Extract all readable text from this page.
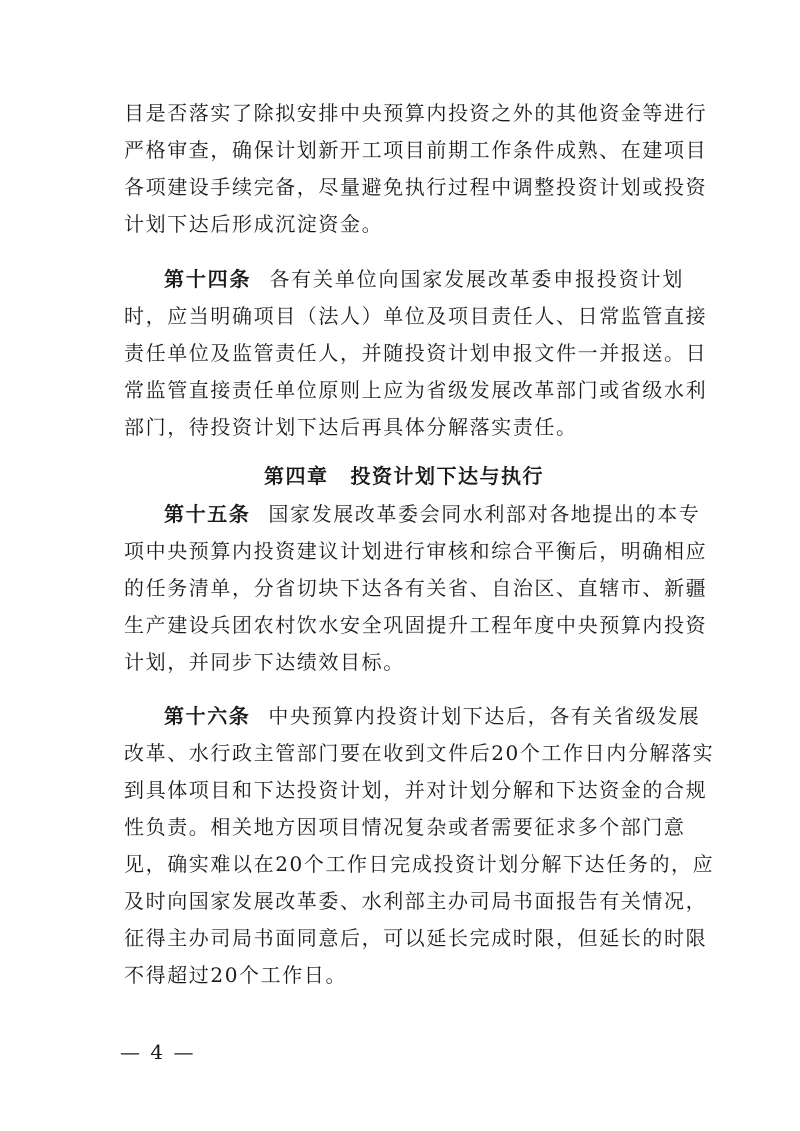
目是否落实了除拟安排中央预算内投资之外的其他资金等进行
严格审查，确保计划新开工项目前期工作条件成熟、在建项目
各项建设手续完备，尽量避免执行过程中调整投资计划或投资
计划下达后形成沉淀资金。
第十四条 各有关单位向国家发展改革委申报投资计划
时，应当明确项目（法人）单位及项目责任人、日常监管直接
责任单位及监管责任人，并随投资计划申报文件一并报送。日
常监管直接责任单位原则上应为省级发展改革部门或省级水利
部门，待投资计划下达后再具体分解落实责任。
第四章 投资计划下达与执行
第十五条 国家发展改革委会同水利部对各地提出的本专
项中央预算内投资建议计划进行审核和综合平衡后，明确相应
的任务清单，分省切块下达各有关省、自治区、直辖市、新疆
生产建设兵团农村饮水安全巩固提升工程年度中央预算内投资
计划，并同步下达绩效目标。
第十六条 中央预算内投资计划下达后，各有关省级发展
改革、水行政主管部门要在收到文件后20个工作日内分解落实
到具体项目和下达投资计划，并对计划分解和下达资金的合规
性负责。相关地方因项目情况复杂或者需要征求多个部门意
见，确实难以在20个工作日完成投资计划分解下达任务的，应
及时向国家发展改革委、水利部主办司局书面报告有关情况，
征得主办司局书面同意后，可以延长完成时限，但延长的时限
不得超过20个工作日。
— 4 —
